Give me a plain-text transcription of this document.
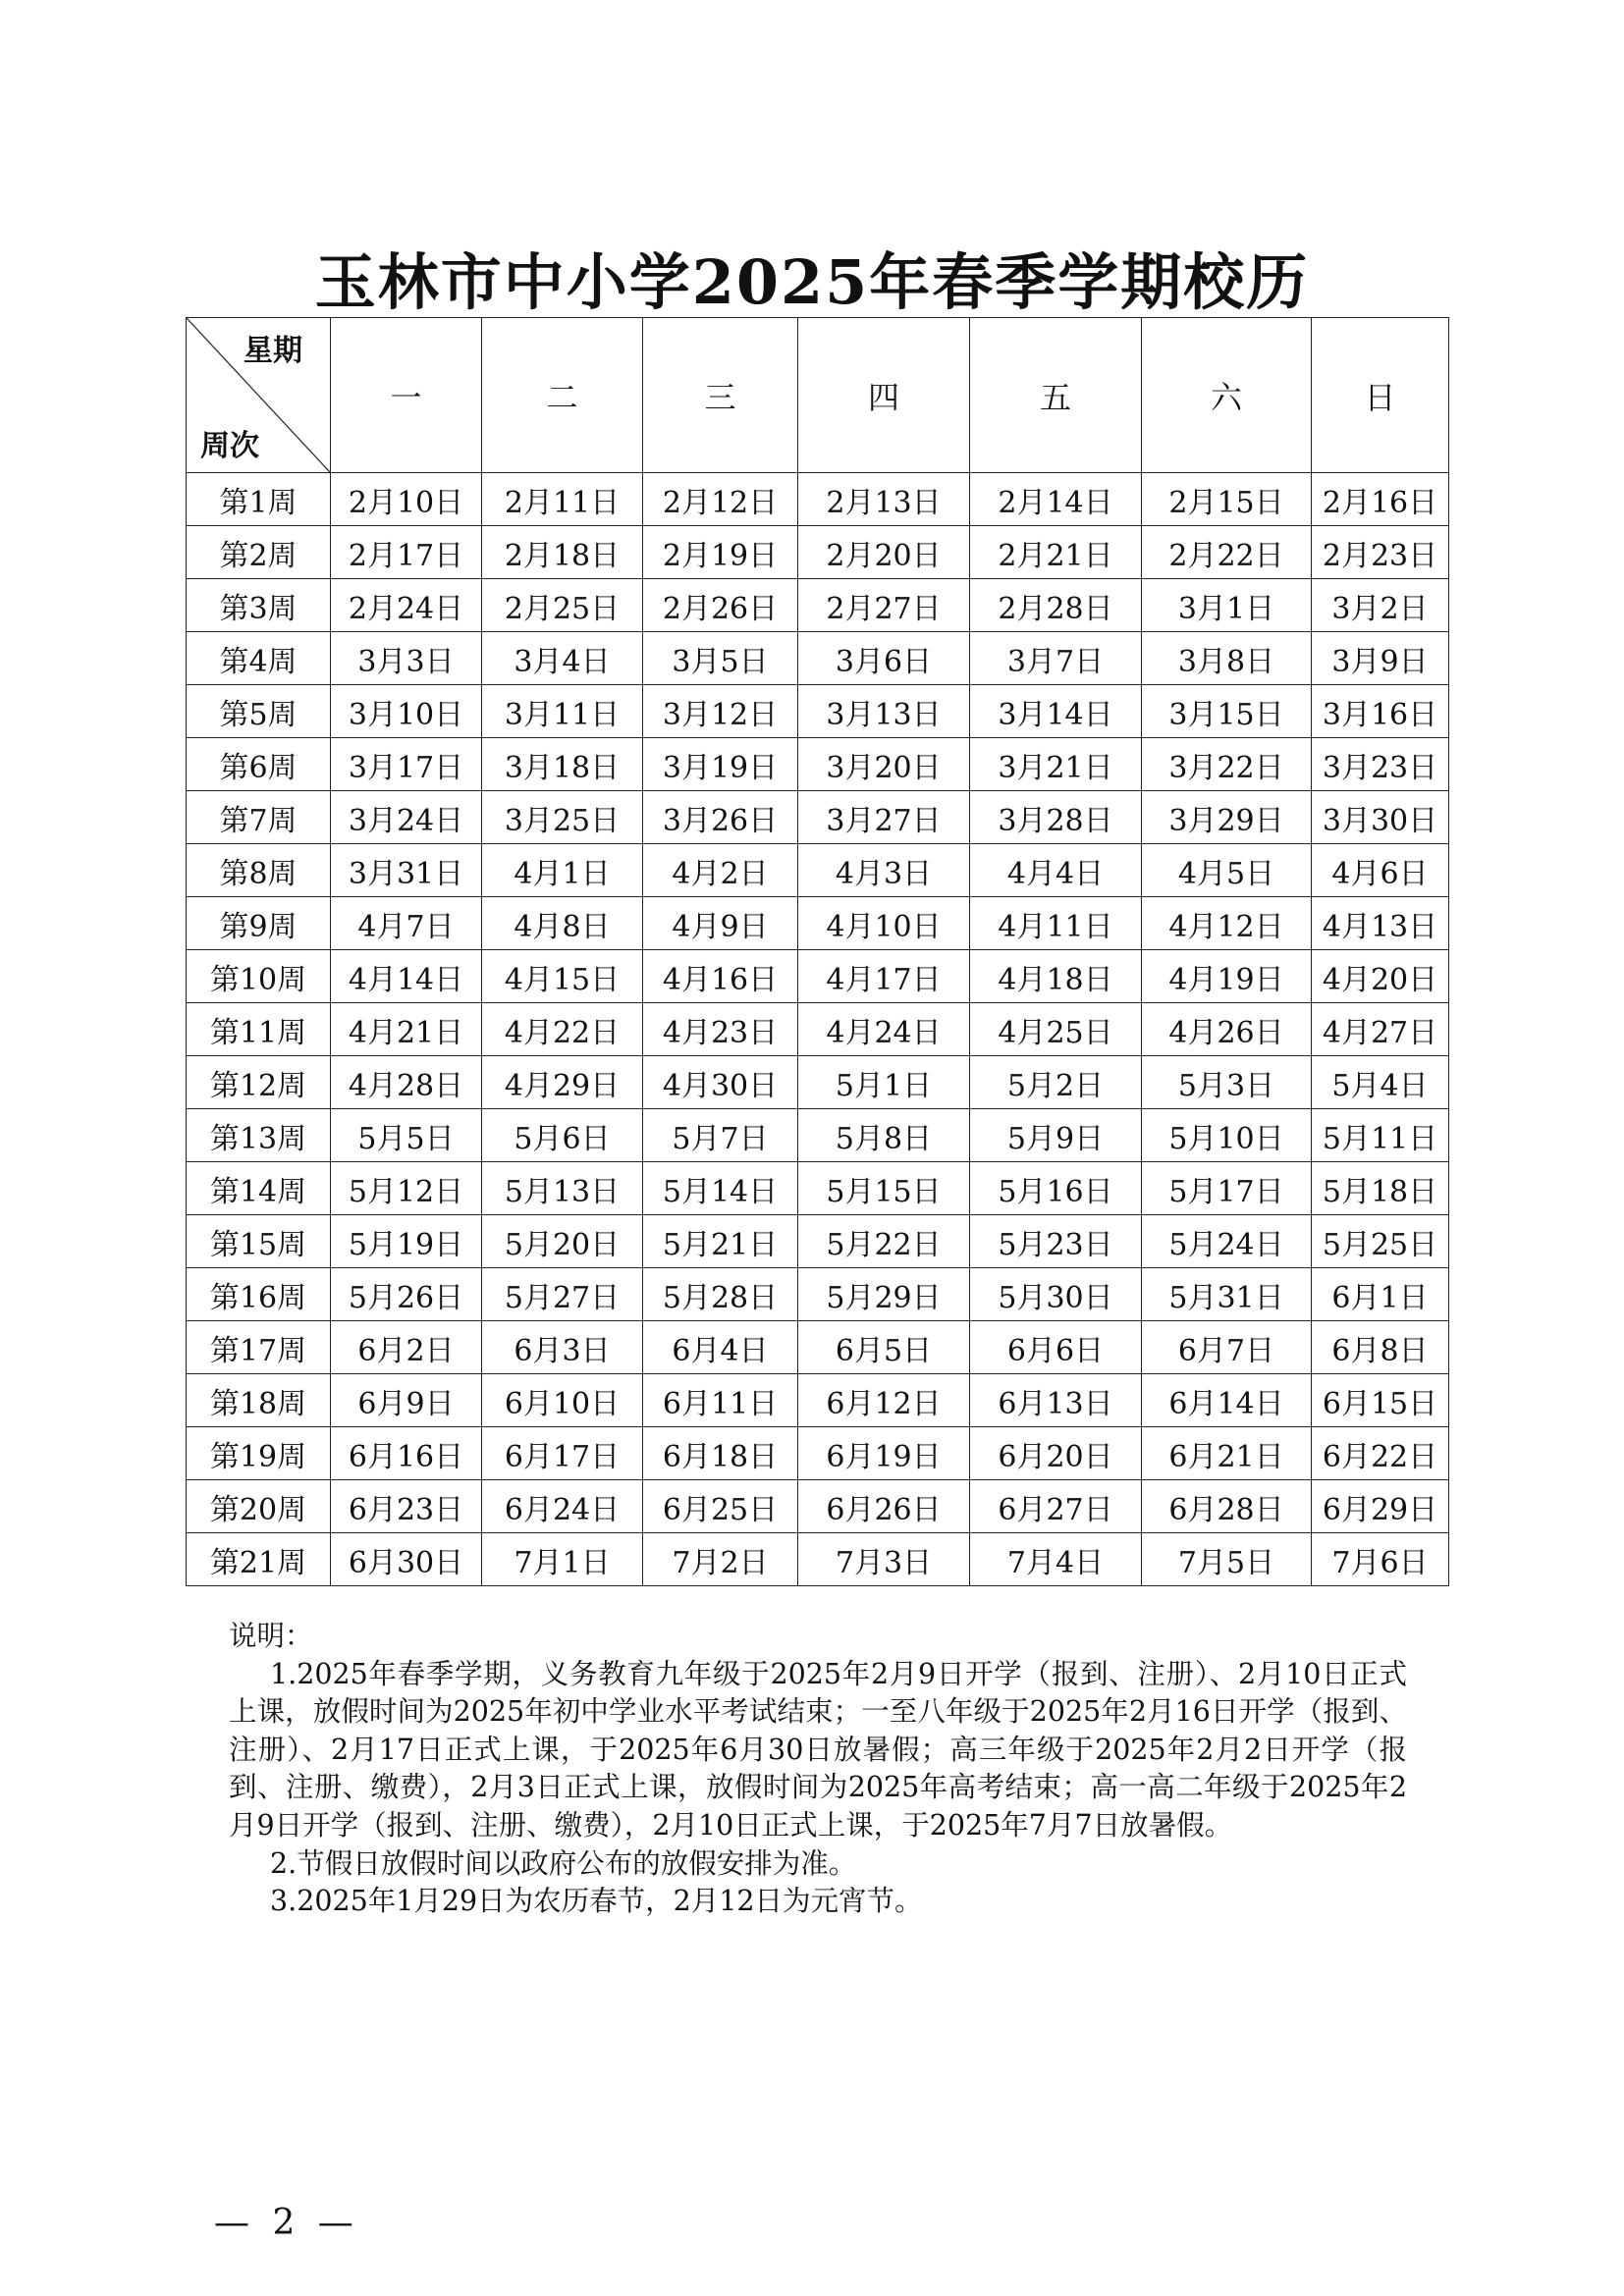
玉林市中小学2025年春季学期校历
星期
周次	一	二	三	四	五	六	日
第1周	2月10日	2月11日	2月12日	2月13日	2月14日	2月15日	2月16日
第2周	2月17日	2月18日	2月19日	2月20日	2月21日	2月22日	2月23日
第3周	2月24日	2月25日	2月26日	2月27日	2月28日	3月1日	3月2日
第4周	3月3日	3月4日	3月5日	3月6日	3月7日	3月8日	3月9日
第5周	3月10日	3月11日	3月12日	3月13日	3月14日	3月15日	3月16日
第6周	3月17日	3月18日	3月19日	3月20日	3月21日	3月22日	3月23日
第7周	3月24日	3月25日	3月26日	3月27日	3月28日	3月29日	3月30日
第8周	3月31日	4月1日	4月2日	4月3日	4月4日	4月5日	4月6日
第9周	4月7日	4月8日	4月9日	4月10日	4月11日	4月12日	4月13日
第10周	4月14日	4月15日	4月16日	4月17日	4月18日	4月19日	4月20日
第11周	4月21日	4月22日	4月23日	4月24日	4月25日	4月26日	4月27日
第12周	4月28日	4月29日	4月30日	5月1日	5月2日	5月3日	5月4日
第13周	5月5日	5月6日	5月7日	5月8日	5月9日	5月10日	5月11日
第14周	5月12日	5月13日	5月14日	5月15日	5月16日	5月17日	5月18日
第15周	5月19日	5月20日	5月21日	5月22日	5月23日	5月24日	5月25日
第16周	5月26日	5月27日	5月28日	5月29日	5月30日	5月31日	6月1日
第17周	6月2日	6月3日	6月4日	6月5日	6月6日	6月7日	6月8日
第18周	6月9日	6月10日	6月11日	6月12日	6月13日	6月14日	6月15日
第19周	6月16日	6月17日	6月18日	6月19日	6月20日	6月21日	6月22日
第20周	6月23日	6月24日	6月25日	6月26日	6月27日	6月28日	6月29日
第21周	6月30日	7月1日	7月2日	7月3日	7月4日	7月5日	7月6日

说明：

1.2025年春季学期，义务教育九年级于2025年2月9日开学（报到、注册）、2月10日正式上课，放假时间为2025年初中学业水平考试结束；一至八年级于2025年2月16日开学（报到、注册）、2月17日正式上课，于2025年6月30日放暑假；高三年级于2025年2月2日开学（报到、注册、缴费），2月3日正式上课，放假时间为2025年高考结束；高一高二年级于2025年2月9日开学（报到、注册、缴费），2月10日正式上课，于2025年7月7日放暑假。

2.节假日放假时间以政府公布的放假安排为准。

3.2025年1月29日为农历春节，2月12日为元宵节。

— 2 —
